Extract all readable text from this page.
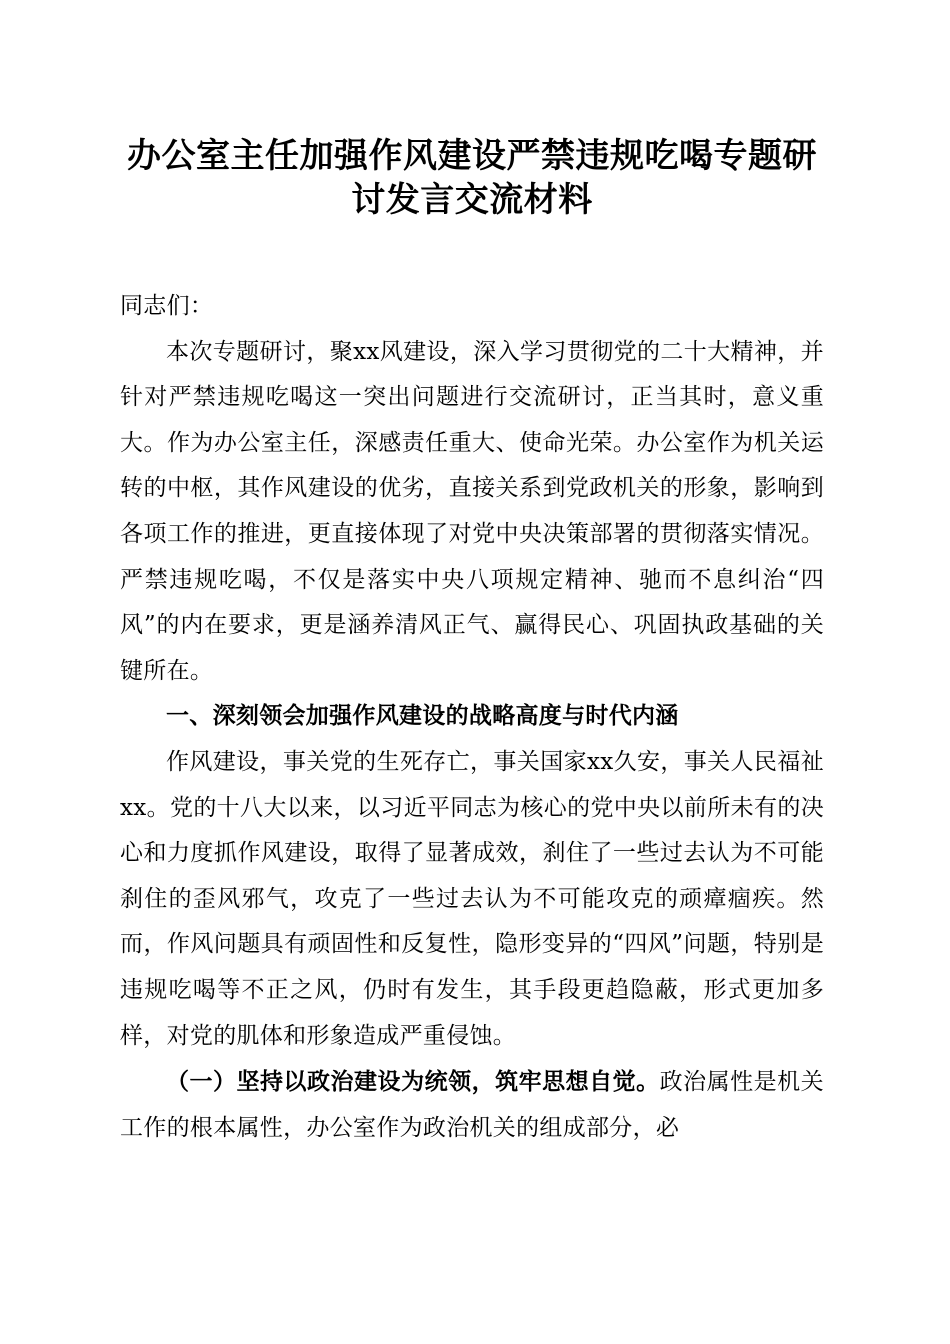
办公室主任加强作风建设严禁违规吃喝专题研
讨发言交流材料

同志们：

本次专题研讨，聚xx风建设，深入学习贯彻党的二十大精神，并针对严禁违规吃喝这一突出问题进行交流研讨，正当其时，意义重大。作为办公室主任，深感责任重大、使命光荣。办公室作为机关运转的中枢，其作风建设的优劣，直接关系到党政机关的形象，影响到各项工作的推进，更直接体现了对党中央决策部署的贯彻落实情况。严禁违规吃喝，不仅是落实中央八项规定精神、驰而不息纠治“四风”的内在要求，更是涵养清风正气、赢得民心、巩固执政基础的关键所在。

一、深刻领会加强作风建设的战略高度与时代内涵

作风建设，事关党的生死存亡，事关国家xx久安，事关人民福祉xx。党的十八大以来，以习近平同志为核心的党中央以前所未有的决心和力度抓作风建设，取得了显著成效，刹住了一些过去认为不可能刹住的歪风邪气，攻克了一些过去认为不可能攻克的顽瘴痼疾。然而，作风问题具有顽固性和反复性，隐形变异的“四风”问题，特别是违规吃喝等不正之风，仍时有发生，其手段更趋隐蔽，形式更加多样，对党的肌体和形象造成严重侵蚀。

（一）坚持以政治建设为统领，筑牢思想自觉。政治属性是机关工作的根本属性，办公室作为政治机关的组成部分，必
